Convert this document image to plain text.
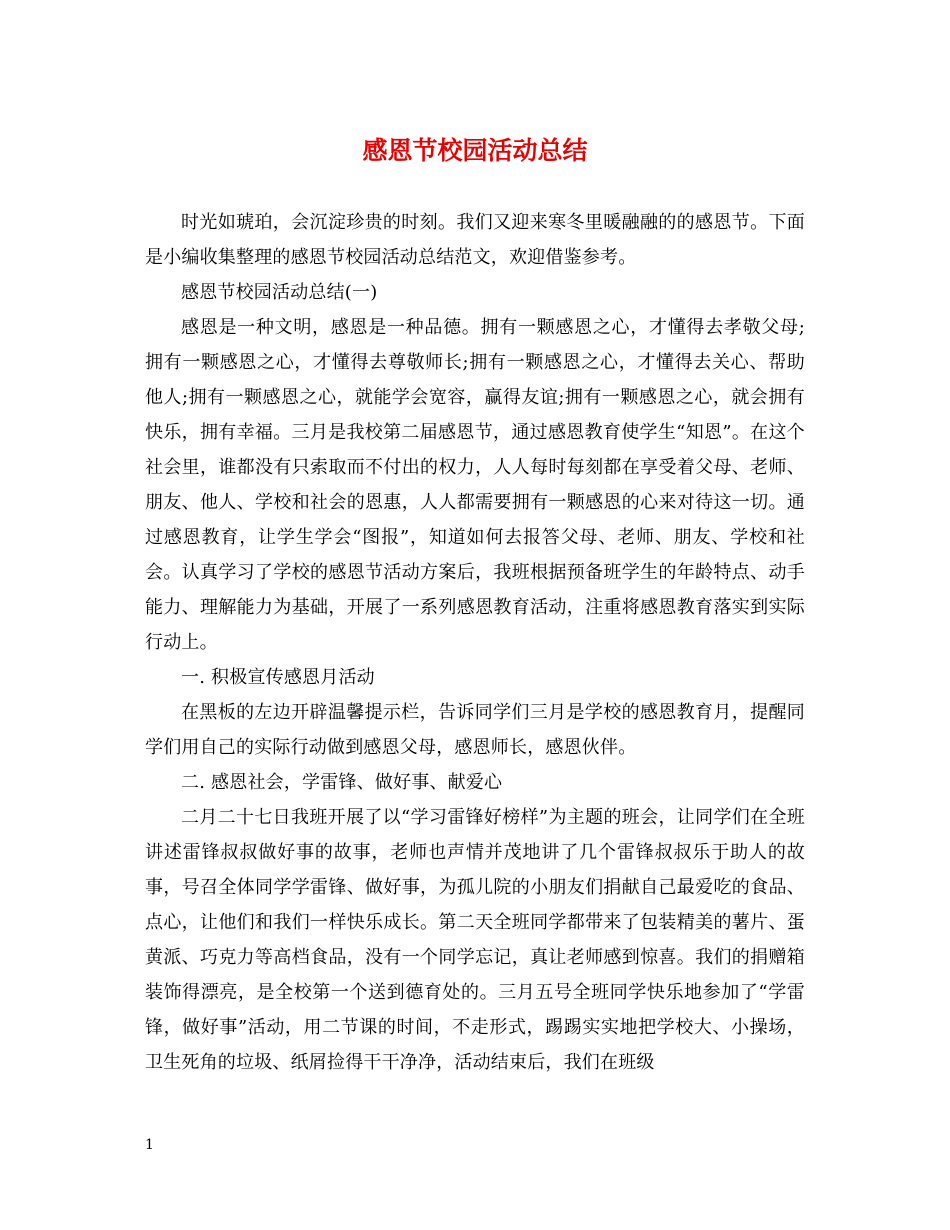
感恩节校园活动总结

时光如琥珀，会沉淀珍贵的时刻。我们又迎来寒冬里暖融融的的感恩节。下面是小编收集整理的感恩节校园活动总结范文，欢迎借鉴参考。

感恩节校园活动总结(一)

感恩是一种文明，感恩是一种品德。拥有一颗感恩之心，才懂得去孝敬父母;拥有一颗感恩之心，才懂得去尊敬师长;拥有一颗感恩之心，才懂得去关心、帮助他人;拥有一颗感恩之心，就能学会宽容，赢得友谊;拥有一颗感恩之心，就会拥有快乐，拥有幸福。三月是我校第二届感恩节，通过感恩教育使学生“知恩”。在这个社会里，谁都没有只索取而不付出的权力，人人每时每刻都在享受着父母、老师、朋友、他人、学校和社会的恩惠，人人都需要拥有一颗感恩的心来对待这一切。通过感恩教育，让学生学会“图报”，知道如何去报答父母、老师、朋友、学校和社会。认真学习了学校的感恩节活动方案后，我班根据预备班学生的年龄特点、动手能力、理解能力为基础，开展了一系列感恩教育活动，注重将感恩教育落实到实际行动上。

一. 积极宣传感恩月活动

在黑板的左边开辟温馨提示栏，告诉同学们三月是学校的感恩教育月，提醒同学们用自己的实际行动做到感恩父母，感恩师长，感恩伙伴。

二. 感恩社会，学雷锋、做好事、献爱心

二月二十七日我班开展了以“学习雷锋好榜样”为主题的班会，让同学们在全班讲述雷锋叔叔做好事的故事，老师也声情并茂地讲了几个雷锋叔叔乐于助人的故事，号召全体同学学雷锋、做好事，为孤儿院的小朋友们捐献自己最爱吃的食品、点心，让他们和我们一样快乐成长。第二天全班同学都带来了包装精美的薯片、蛋黄派、巧克力等高档食品，没有一个同学忘记，真让老师感到惊喜。我们的捐赠箱装饰得漂亮，是全校第一个送到德育处的。三月五号全班同学快乐地参加了“学雷锋，做好事”活动，用二节课的时间，不走形式，踢踢实实地把学校大、小操场，卫生死角的垃圾、纸屑捡得干干净净，活动结束后，我们在班级

1
